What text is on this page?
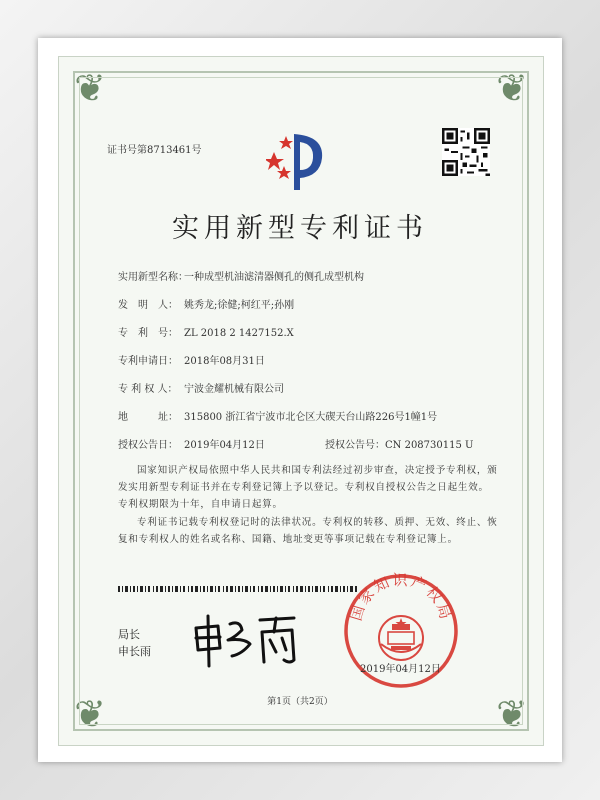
❦	❦
❦	❦
证书号第8713461号
实用新型专利证书
实用新型名称：一种成型机油滤清器侧孔的侧孔成型机构
发　明　人： 姚秀龙;徐健;柯红平;孙刚
专　利　号： ZL 2018 2 1427152.X
专利申请日： 2018年08月31日
专 利 权 人： 宁波金耀机械有限公司
地　　　址： 315800 浙江省宁波市北仑区大碶天台山路226号1幢1号
授权公告日： 2019年04月12日	授权公告号：CN 208730115 U
国家知识产权局依照中华人民共和国专利法经过初步审查，决定授予专利权，颁发实用新型专利证书并在专利登记簿上予以登记。专利权自授权公告之日起生效。专利权期限为十年，自申请日起算。
专利证书记载专利权登记时的法律状况。专利权的转移、质押、无效、终止、恢复和专利权人的姓名或名称、国籍、地址变更等事项记载在专利登记簿上。
局长
申长雨
国家知识产权局
2019年04月12日
第1页（共2页）
